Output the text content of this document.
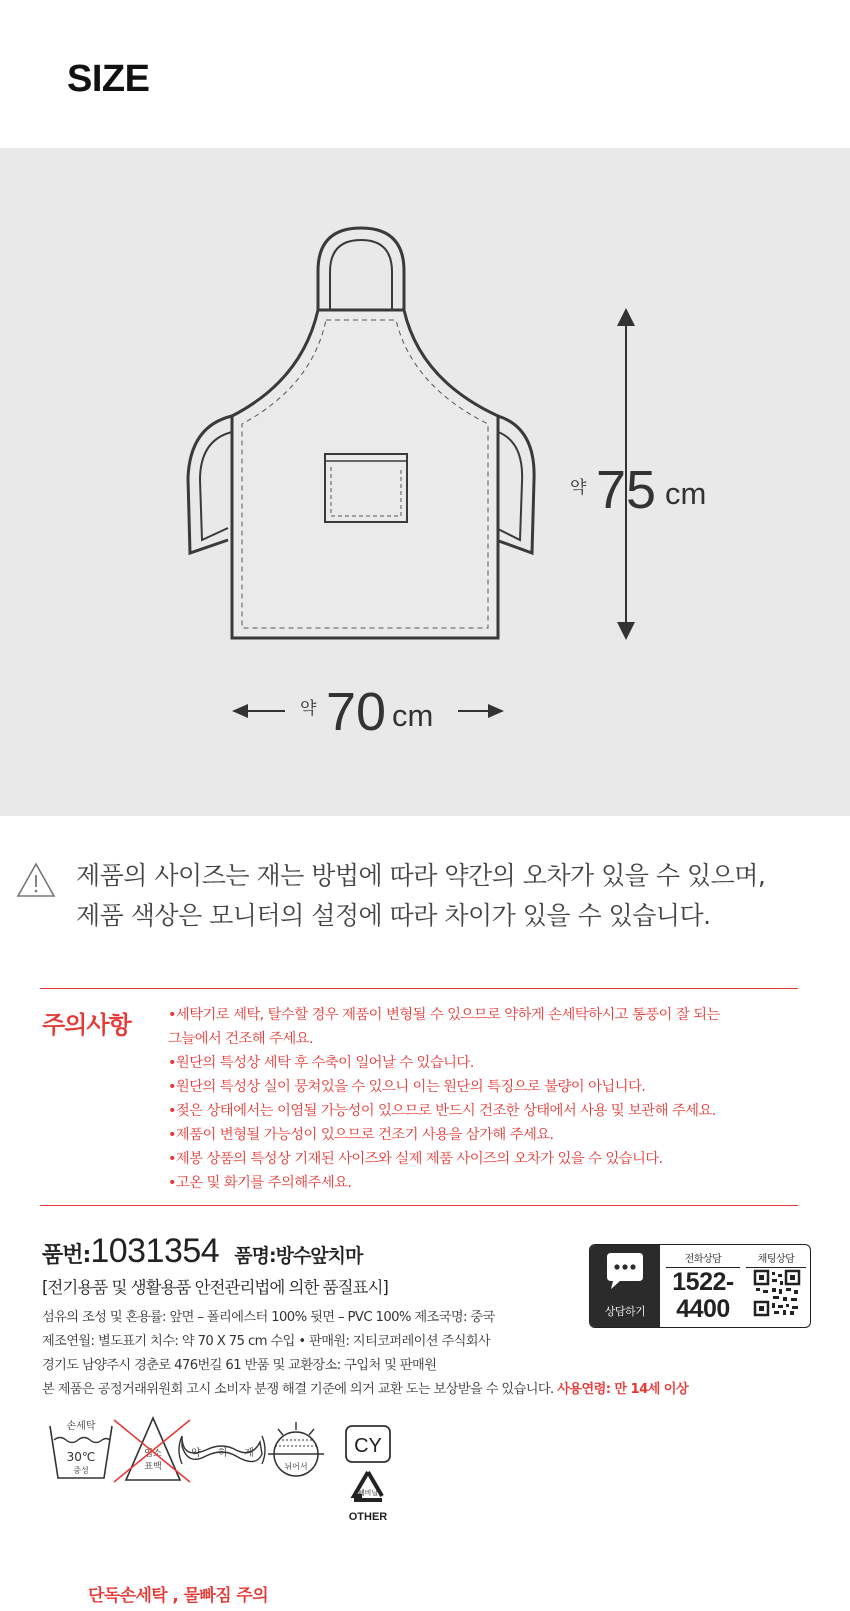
SIZE
약 75 cm
약 70 cm
제품의 사이즈는 재는 방법에 따라 약간의 오차가 있을 수 있으며,
제품 색상은 모니터의 설정에 따라 차이가 있을 수 있습니다.
주의사항	•세탁기로 세탁, 탈수할 경우 제품이 변형될 수 있으므로 약하게 손세탁하시고 통풍이 잘 되는
그늘에서 건조해 주세요.
•원단의 특성상 세탁 후 수축이 일어날 수 있습니다.
•원단의 특성상 실이 뭉쳐있을 수 있으니 이는 원단의 특징으로 불량이 아닙니다.
•젖은 상태에서는 이염될 가능성이 있으므로 반드시 건조한 상태에서 사용 및 보관해 주세요.
•제품이 변형될 가능성이 있으므로 건조기 사용을 삼가해 주세요.
•제봉 상품의 특성상 기재된 사이즈와 실제 제품 사이즈의 오차가 있을 수 있습니다.
•고온 및 화기를 주의해주세요.
품번:1031354 품명:방수앞치마
[전기용품 및 생활용품 안전관리법에 의한 품질표시]
섬유의 조성 및 혼용률: 앞면 – 폴리에스터 100% 뒷면 – PVC 100% 제조국명: 중국
제조연월: 별도표기 치수: 약 70 X 75 cm 수입 • 판매원: 지티코퍼레이션 주식회사
경기도 남양주시 경춘로 476번길 61 반품 및 교환장소: 구입처 및 판매원
본 제품은 공정거래위원회 고시 소비자 분쟁 해결 기준에 의거 교환 도는 보상받을 수 있습니다. 사용연령: 만 14세 이상
상담하기
전화상담
1522-
4400
채팅상담
손세탁
30℃
중성
염소
표백
약 하 게
뉘어서
CY
폐비닐
OTHER
단독손세탁 , 물빠짐 주의
